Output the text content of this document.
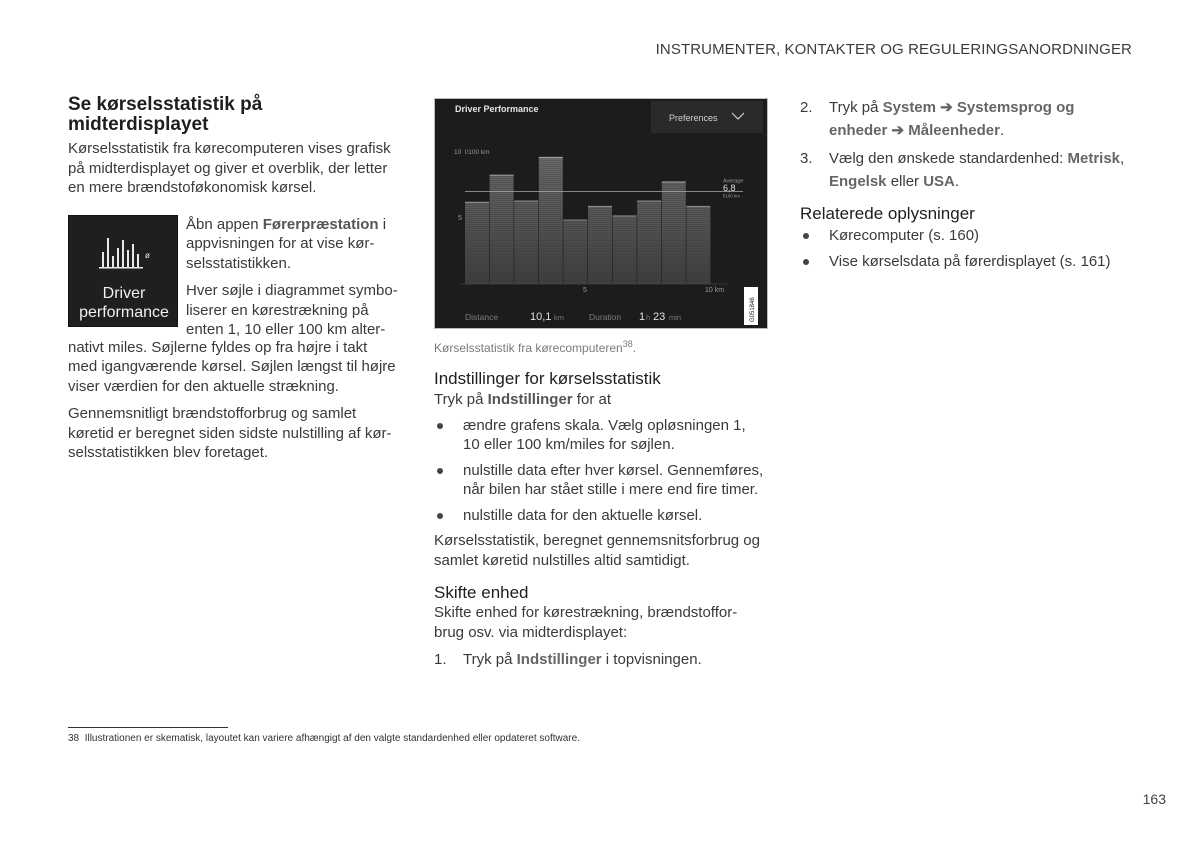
INSTRUMENTER, KONTAKTER OG REGULERINGSANORDNINGER
Se kørselsstatistik på
midterdisplayet

Kørselsstatistik fra kørecomputeren vises grafisk
på midterdisplayet og giver et overblik, der letter
en mere brændstoføkonomisk kørsel.

ø
Driver
performance

Åbn appen Førerpræstation i
appvisningen for at vise kør-
selsstatistikken.

Hver søjle i diagrammet symbo-
liserer en kørestrækning på
enten 1, 10 eller 100 km alter-

nativt miles. Søjlerne fyldes op fra højre i takt
med igangværende kørsel. Søjlen længst til højre
viser værdien for den aktuelle strækning.

Gennemsnitligt brændstofforbrug og samlet
køretid er beregnet siden sidste nulstilling af kør-
selsstatistikken blev foretaget.

Driver Performance
Preferences
10
5
Average
6,8
l/100 km
5	10 km
Distance	10,1 km	Duration 1 h 23 min	G051846
Kørselsstatistik fra kørecomputeren$^{38}$.
Indstillinger for kørselsstatistik

Tryk på Indstillinger for at

ændre grafens skala. Vælg opløsningen 1,
10 eller 100 km/miles for søjlen.
nulstille data efter hver kørsel. Gennemføres,
når bilen har stået stille i mere end fire timer.
nulstille data for den aktuelle kørsel.

Kørselsstatistik, beregnet gennemsnitsforbrug og
samlet køretid nulstilles altid samtidigt.

Skifte enhed

Skifte enhed for kørestrækning, brændstoffor-
brug osv. via midterdisplayet:

1. Tryk på Indstillinger i topvisningen.
2. Tryk på System ➔ Systemsprog og
enheder ➔ Måleenheder.
3. Vælg den ønskede standardenhed: Metrisk,
Engelsk eller USA.
Relaterede oplysninger
Kørecomputer (s. 160)
Vise kørselsdata på førerdisplayet (s. 161)
38 Illustrationen er skematisk, layoutet kan variere afhængigt af den valgte standardenhed eller opdateret software.
163
